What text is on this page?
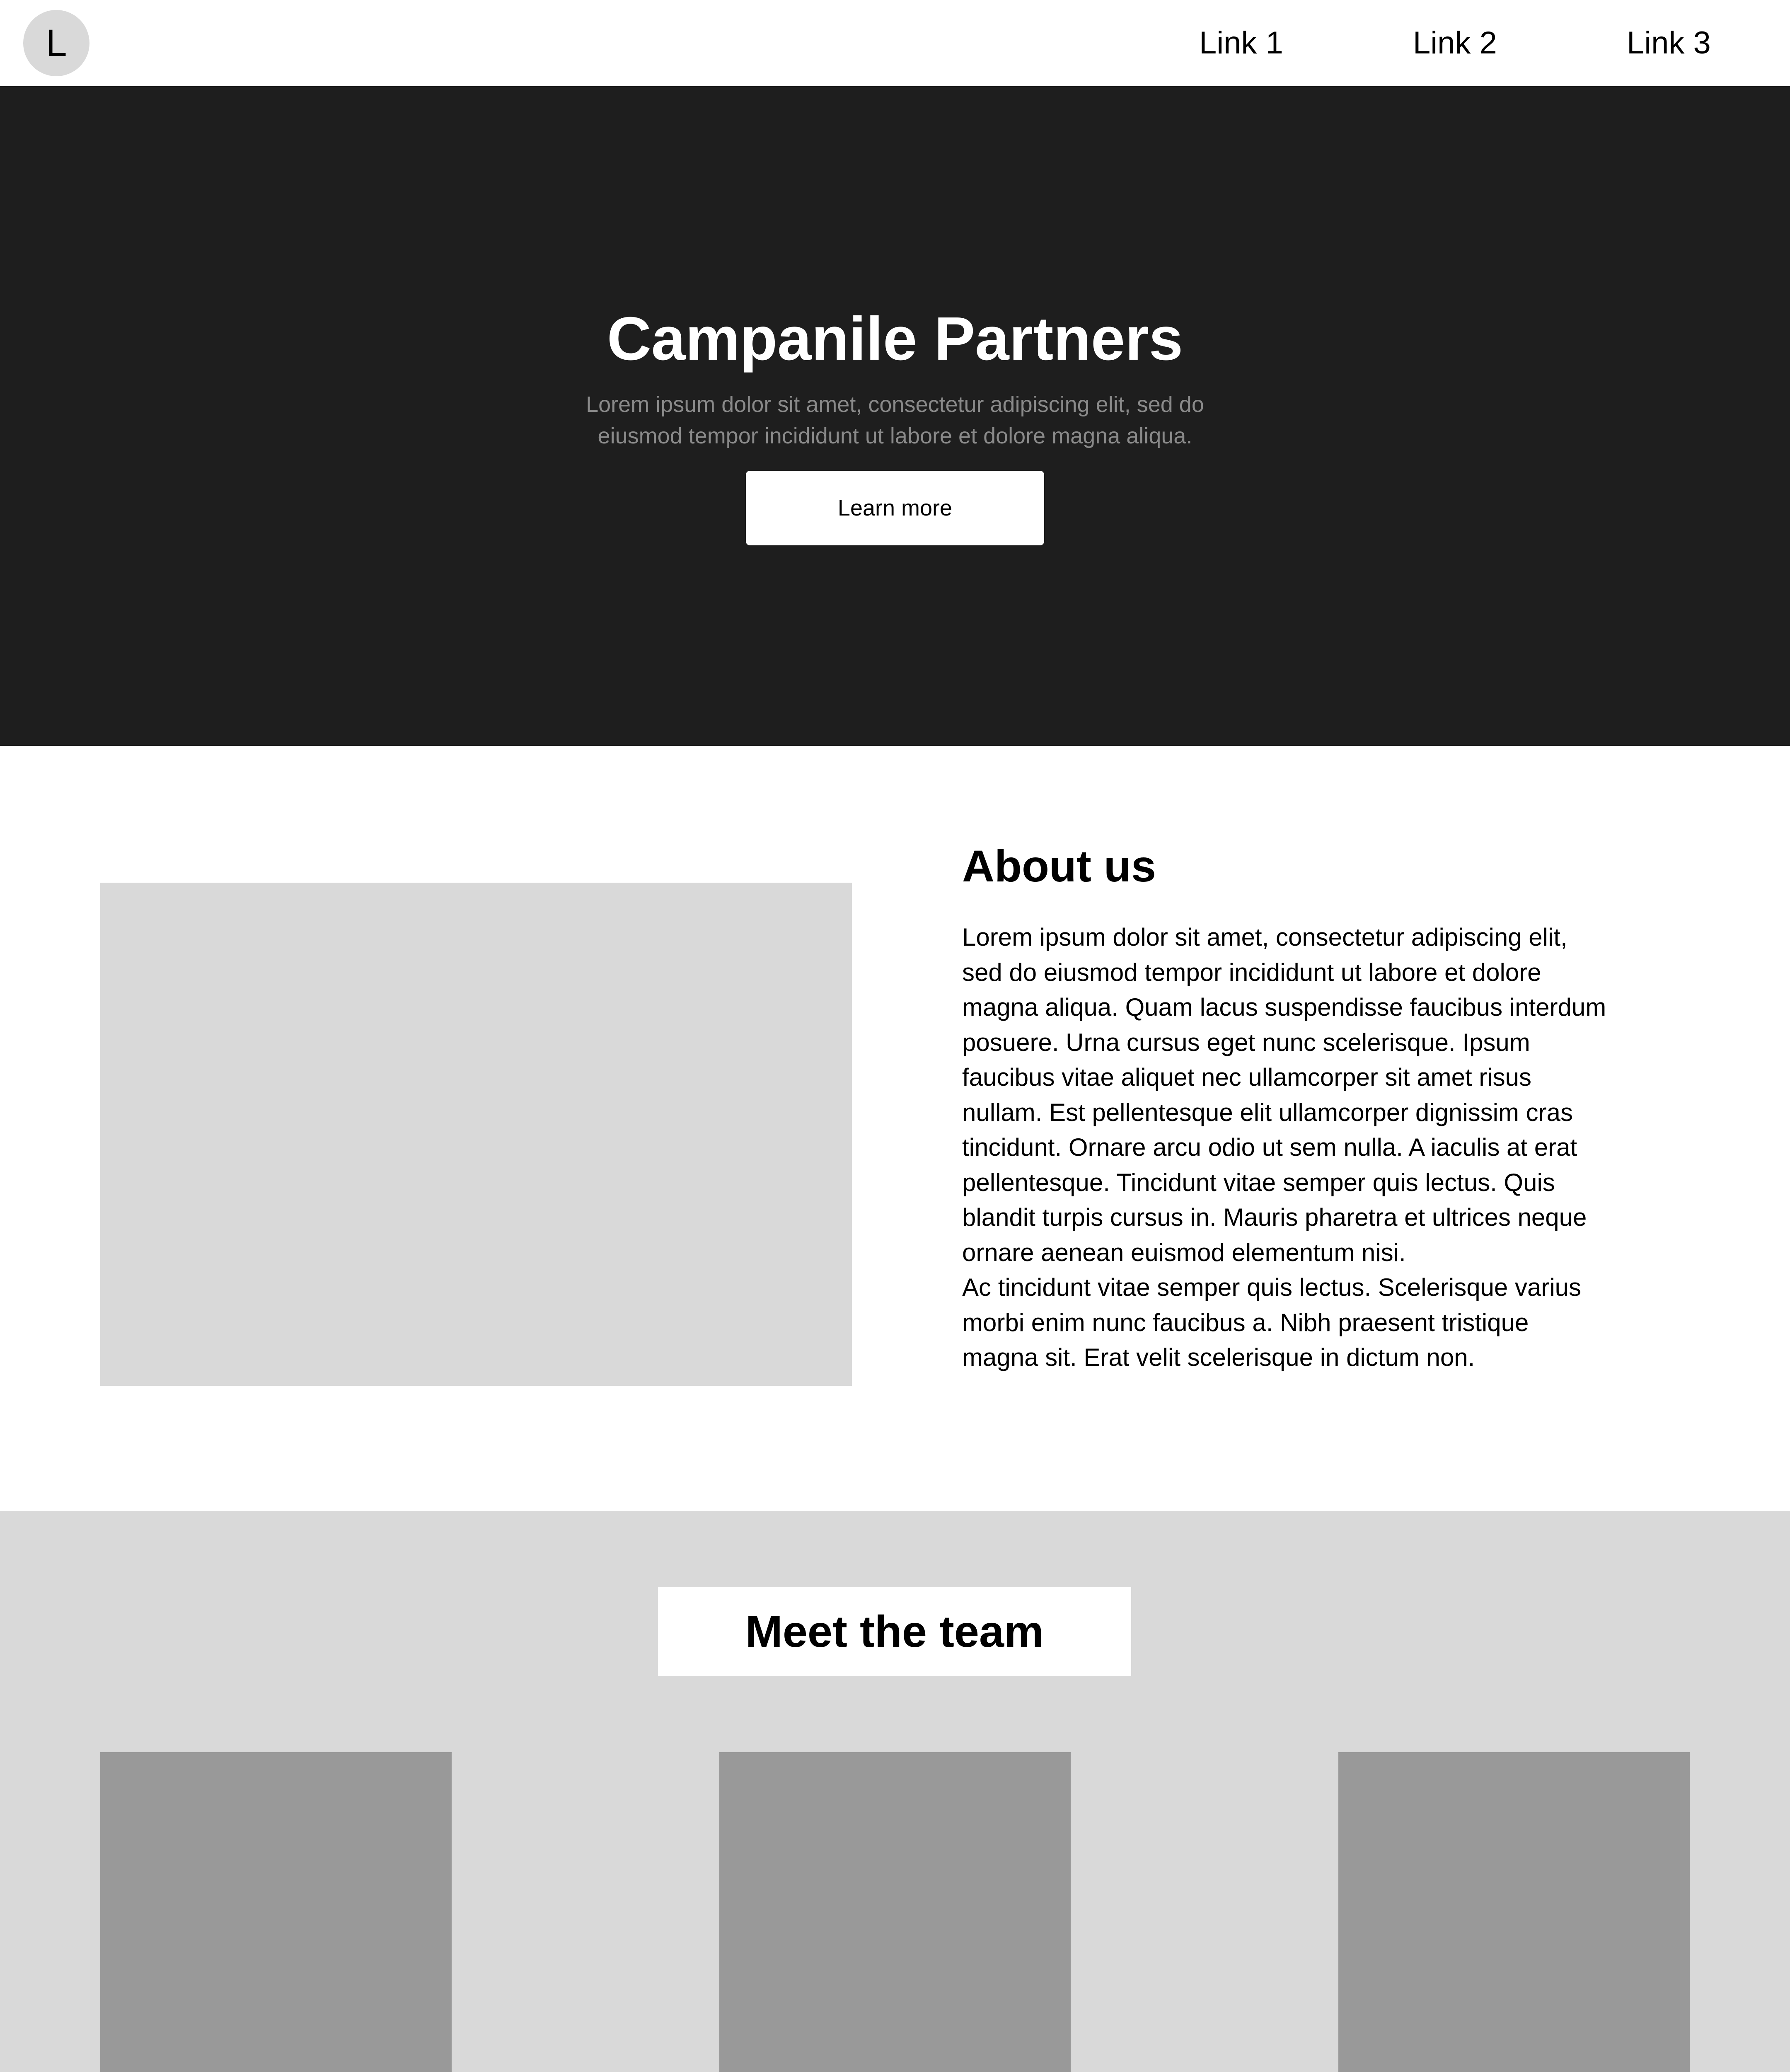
L	Link 1	Link 2	Link 3
Campanile Partners

Lorem ipsum dolor sit amet, consectetur adipiscing elit, sed do eiusmod tempor incididunt ut labore et dolore magna aliqua.

Learn more
About us

Lorem ipsum dolor sit amet, consectetur adipiscing elit, sed do eiusmod tempor incididunt ut labore et dolore magna aliqua. Quam lacus suspendisse faucibus interdum posuere. Urna cursus eget nunc scelerisque. Ipsum faucibus vitae aliquet nec ullamcorper sit amet risus nullam. Est pellentesque elit ullamcorper dignissim cras tincidunt. Ornare arcu odio ut sem nulla. A iaculis at erat pellentesque. Tincidunt vitae semper quis lectus. Quis blandit turpis cursus in. Mauris pharetra et ultrices neque ornare aenean euismod elementum nisi.
Ac tincidunt vitae semper quis lectus. Scelerisque varius morbi enim nunc faucibus a. Nibh praesent tristique magna sit. Erat velit scelerisque in dictum non.

Meet the team
